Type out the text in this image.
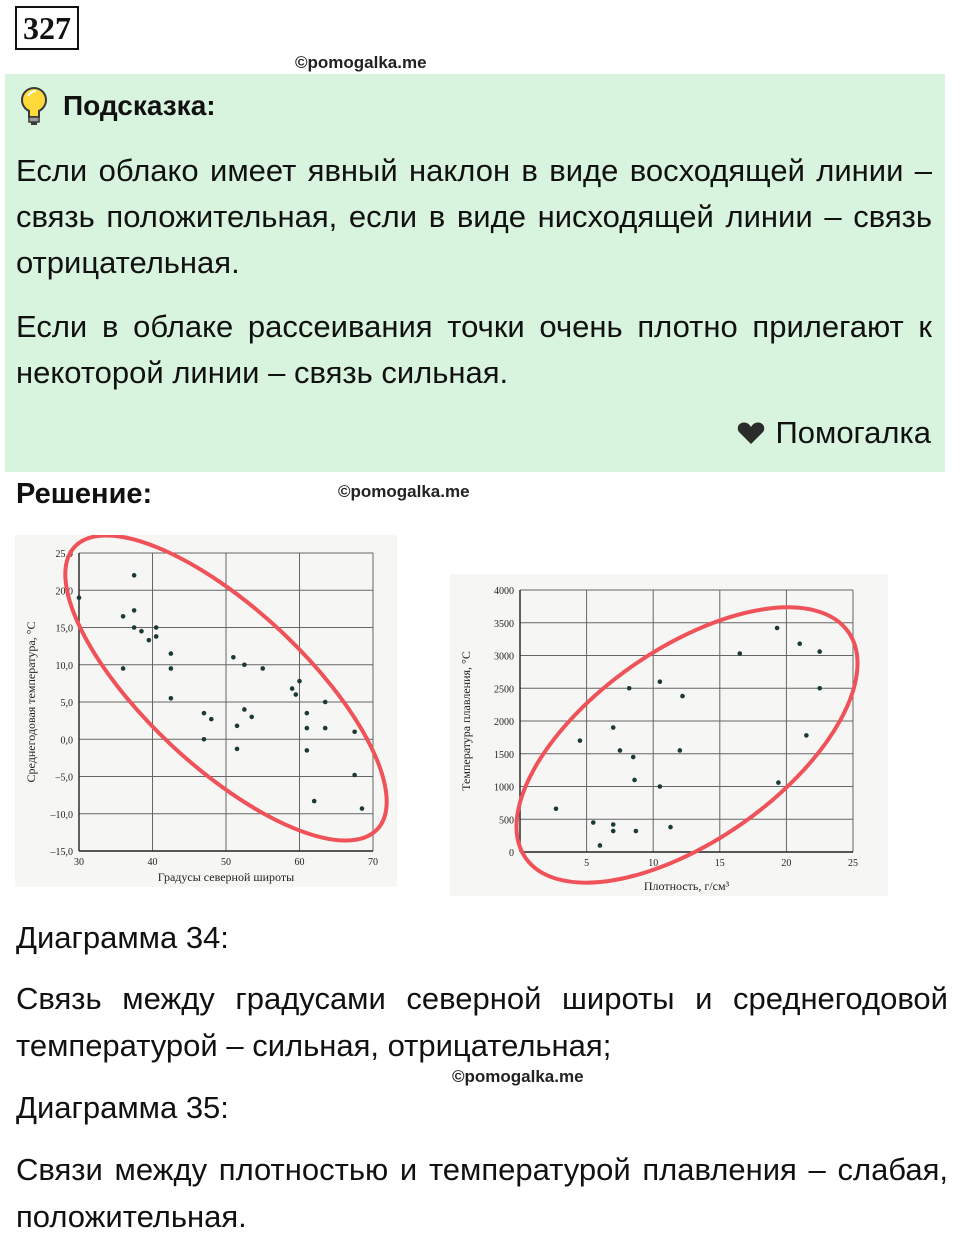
327
©pomogalka.me
Подсказка:

Если облако имеет явный наклон в виде восходящей линии – связь положительная, если в виде нисходящей линии – связь отрицательная.

Если в облаке рассеивания точки очень плотно прилегают к некоторой линии – связь сильная.

Помогалка
Решение:	©pomogalka.me
30	40	50	60	70
–15,0
–10,0
–5,0
0,0
5,0
10,0
15,0
20,0
25,0
Градусы северной широты
Среднегодовая температура, °C
5	10	15	20	25
0
500
1000
1500
2000
2500
3000
3500
4000
Плотность, г/см³
Температура плавления, °C
Диаграмма 34:

Связь между градусами северной широты и среднегодовой температурой – сильная, отрицательная;

©pomogalka.me
Диаграмма 35:

Связи между плотностью и температурой плавления – слабая, положительная.
